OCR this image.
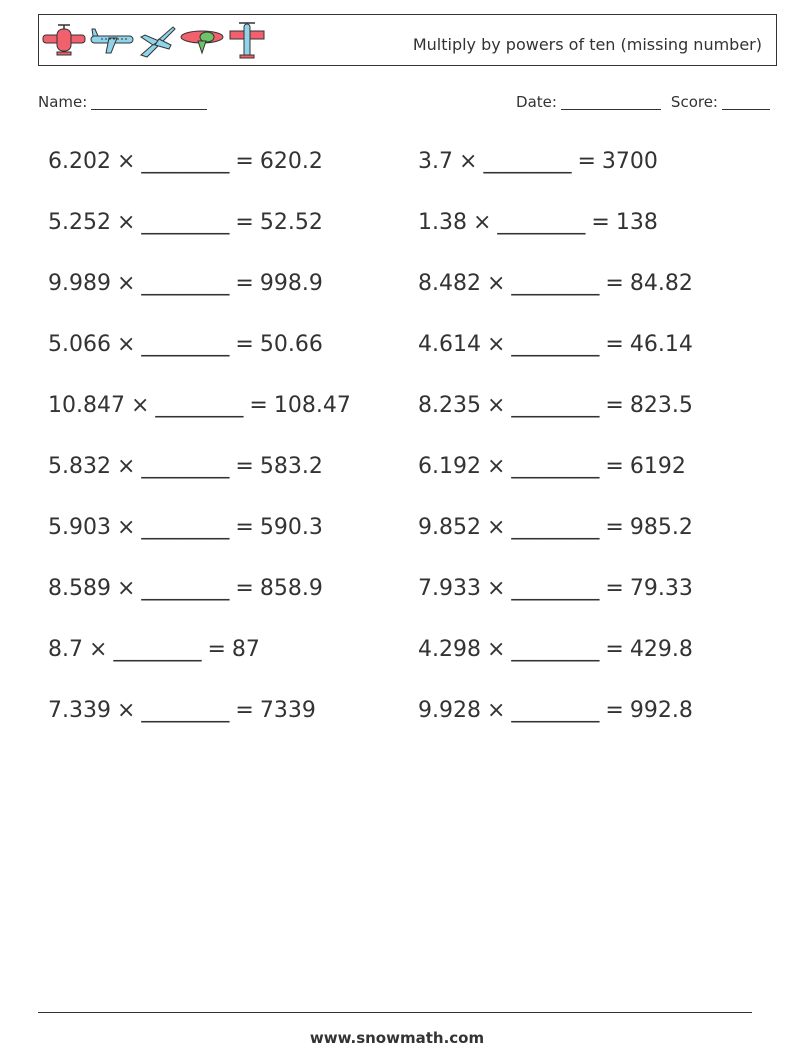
Multiply by powers of ten (missing number)
Name:	Date:	Score:
6.202 × ________ = 620.2
5.252 × ________ = 52.52
9.989 × ________ = 998.9
5.066 × ________ = 50.66
10.847 × ________ = 108.47
5.832 × ________ = 583.2
5.903 × ________ = 590.3
8.589 × ________ = 858.9
8.7 × ________ = 87
7.339 × ________ = 7339
3.7 × ________ = 3700
1.38 × ________ = 138
8.482 × ________ = 84.82
4.614 × ________ = 46.14
8.235 × ________ = 823.5
6.192 × ________ = 6192
9.852 × ________ = 985.2
7.933 × ________ = 79.33
4.298 × ________ = 429.8
9.928 × ________ = 992.8
www.snowmath.com
